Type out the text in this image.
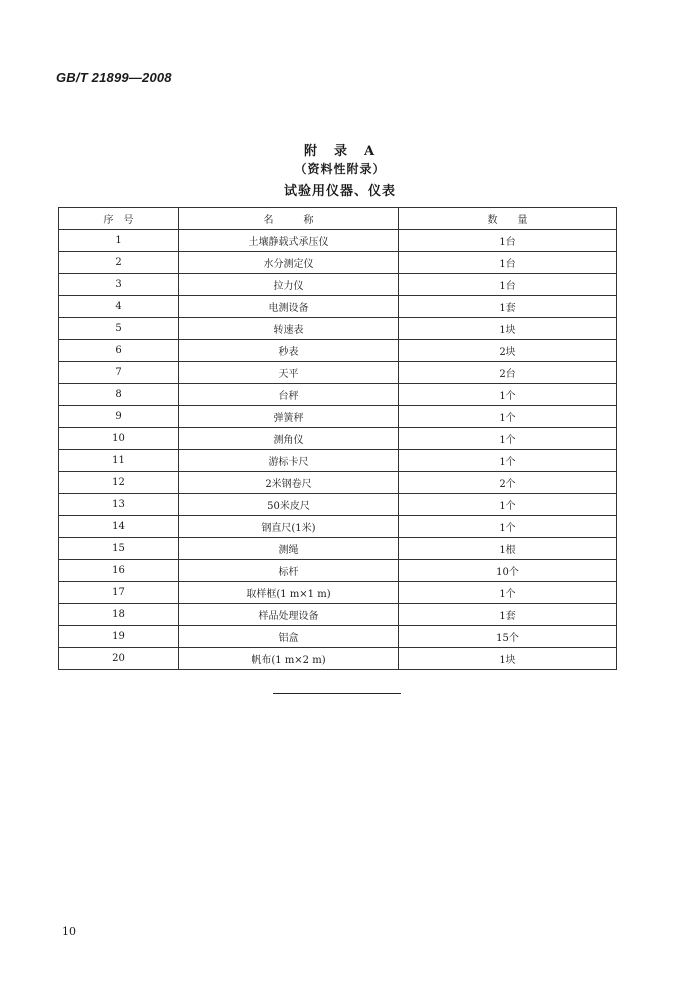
GB/T 21899—2008
附　录　A
（资料性附录）
试验用仪器、仪表
序　号	名　　　称	数　　量
1	土壤静载式承压仪	1台
2	水分测定仪	1台
3	拉力仪	1台
4	电测设备	1套
5	转速表	1块
6	秒表	2块
7	天平	2台
8	台秤	1个
9	弹簧秤	1个
10	测角仪	1个
11	游标卡尺	1个
12	2米钢卷尺	2个
13	50米皮尺	1个
14	钢直尺(1米)	1个
15	测绳	1根
16	标杆	10个
17	取样框(1 m×1 m)	1个
18	样品处理设备	1套
19	铝盒	15个
20	帆布(1 m×2 m)	1块
10
